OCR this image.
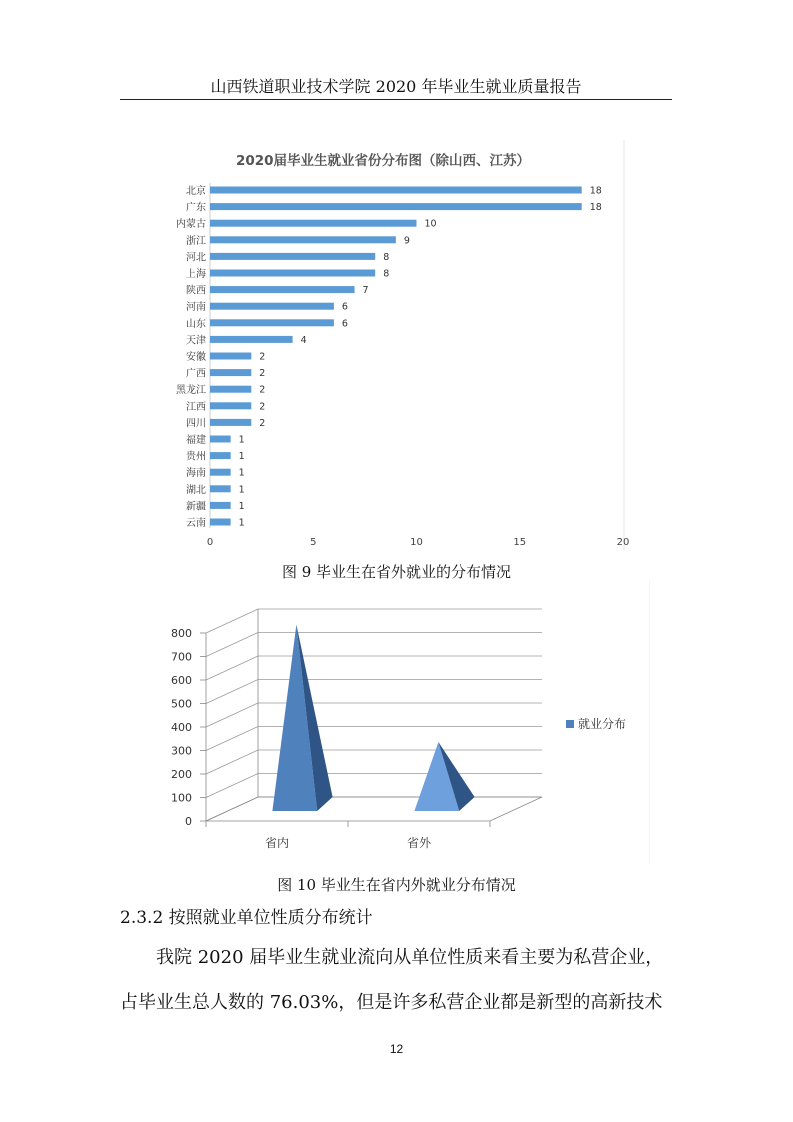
山西铁道职业技术学院 2020 年毕业生就业质量报告
2020届毕业生就业省份分布图（除山西、江苏）
北京
广东
内蒙古
浙江
河北
上海
陕西
河南
山东
天津
安徽
广西
黑龙江
江西
四川
福建
贵州
海南
湖北
新疆
云南
18
18
10
9
8
8
7
6
6
4
2
2
2
2
2
1
1
1
1
1
1
0	5	10	15	20
图 9 毕业生在省外就业的分布情况
0
100
200
300
400
500
600
700
800
省内	省外
就业分布
图 10 毕业生在省内外就业分布情况
2.3.2 按照就业单位性质分布统计
我院 2020 届毕业生就业流向从单位性质来看主要为私营企业，
占毕业生总人数的 76.03%，但是许多私营企业都是新型的高新技术
12
